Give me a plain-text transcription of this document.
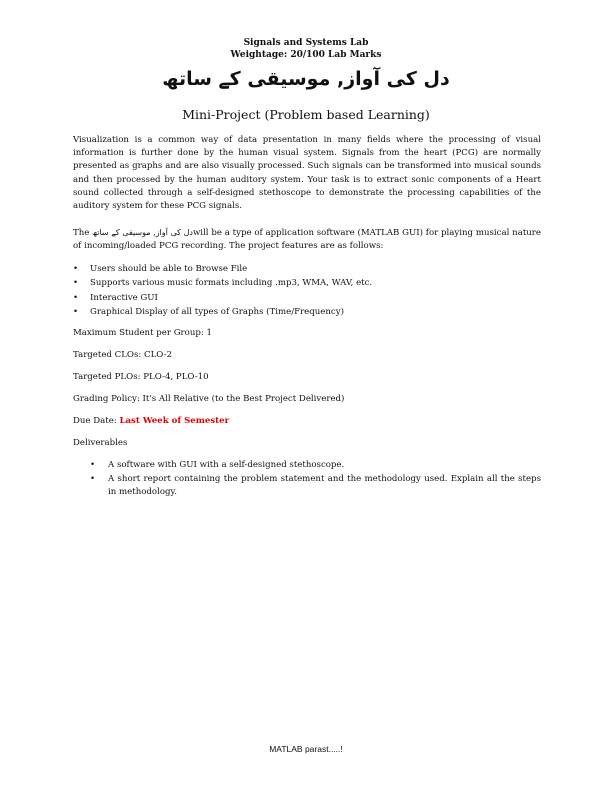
Signals and Systems Lab
Weightage: 20/100 Lab Marks
دل کی آواز, موسیقی کے ساتھ
Mini-Project (Problem based Learning)
Visualization is a common way of data presentation in many fields where the processing of visual information is further done by the human visual system. Signals from the heart (PCG) are normally presented as graphs and are also visually processed. Such signals can be transformed into musical sounds and then processed by the human auditory system. Your task is to extract sonic components of a Heart sound collected through a self-designed stethoscope to demonstrate the processing capabilities of the auditory system for these PCG signals.
The دل کی آواز, موسیقی کے ساتھwill be a type of application software (MATLAB GUI) for playing musical nature of incoming/loaded PCG recording. The project features are as follows:
• Users should be able to Browse File
• Supports various music formats including .mp3, WMA, WAV, etc.
• Interactive GUI
• Graphical Display of all types of Graphs (Time/Frequency)
Maximum Student per Group: 1
Targeted CLOs: CLO-2
Targeted PLOs: PLO-4, PLO-10
Grading Policy: It's All Relative (to the Best Project Delivered)
Due Date: Last Week of Semester
Deliverables
• A software with GUI with a self-designed stethoscope.
• A short report containing the problem statement and the methodology used. Explain all the steps in methodology.
MATLAB parast.....!
